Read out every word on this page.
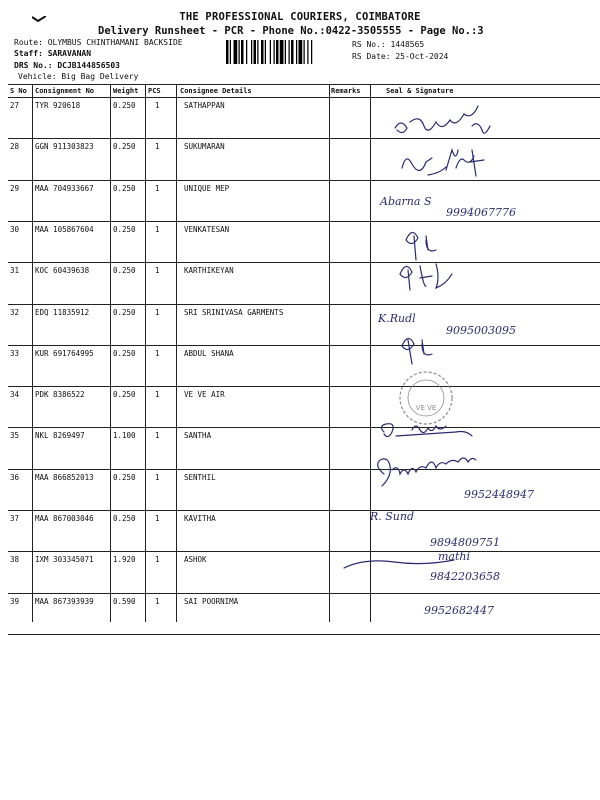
THE PROFESSIONAL COURIERS, COIMBATORE
Delivery Runsheet - PCR - Phone No.:0422-3505555 - Page No.:3
Route: OLYMBUS CHINTHAMANI BACKSIDE
Staff: SARAVANAN
DRS No.: DCJB144856503
Vehicle: Big Bag Delivery
RS No.: 1448565
RS Date: 25-Oct-2024
S No Consignment No	Weight PCS	Consignee Details	Remarks	Seal & Signature
27 TYR 920618	0.250	1	SATHAPPAN
28 GGN 911303823	0.250	1	SUKUMARAN
29 MAA 704933667	0.250	1	UNIQUE MEP
30 MAA 105867604	0.250	1	VENKATESAN
31 KOC 60439638	0.250	1	KARTHIKEYAN
32 EDQ 11835912	0.250	1	SRI SRINIVASA GARMENTS
33 KUR 691764995	0.250	1	ABDUL SHANA
34 PDK 8386522	0.250	1	VE VE AIR
35 NKL 8269497	1.100	1	SANTHA
36 MAA 866852013	0.250	1	SENTHIL
37 MAA 867003046	0.250	1	KAVITHA
38 IXM 303345071	1.920	1	ASHOK
39 MAA 867393939	0.590	1	SAI POORNIMA
VE VE
Abarna S
9994067776
K.Rudl
9095003095
9952448947
R. Sund
9894809751
mathi
9842203658
9952682447
